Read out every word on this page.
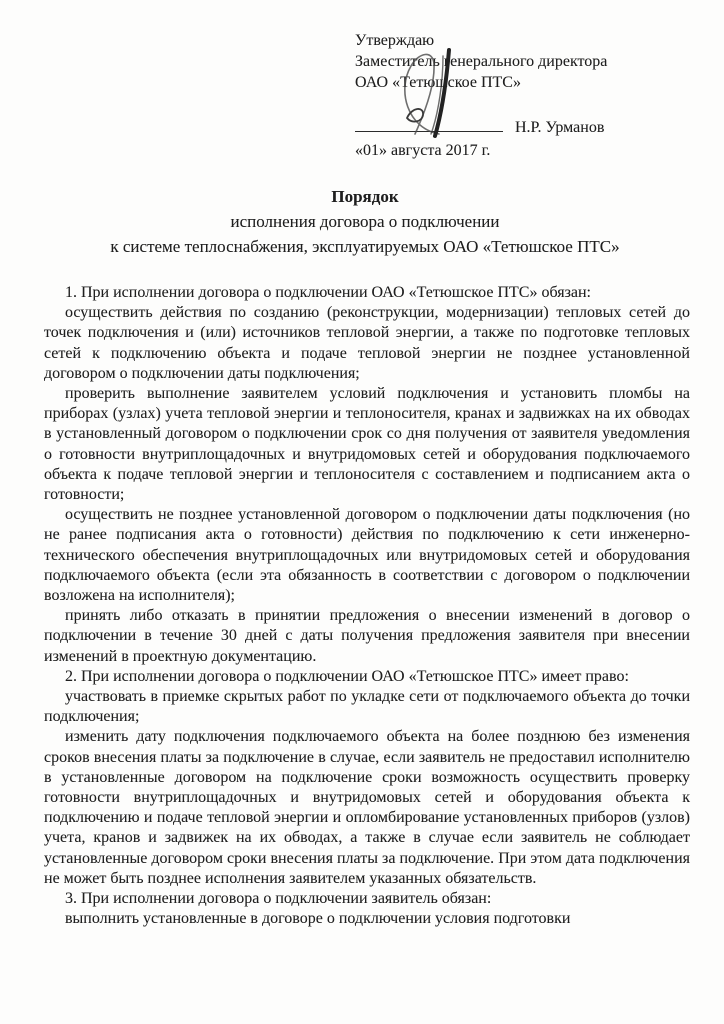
Утверждаю
Заместитель генерального директора
ОАО «Тетюшское ПТС»
Н.Р. Урманов
«01» августа 2017 г.
Порядок
исполнения договора о подключении
к системе теплоснабжения, эксплуатируемых ОАО «Тетюшское ПТС»

1. При исполнении договора о подключении ОАО «Тетюшское ПТС» обязан:

осуществить действия по созданию (реконструкции, модернизации) тепловых сетей до точек подключения и (или) источников тепловой энергии, а также по подготовке тепловых сетей к подключению объекта и подаче тепловой энергии не позднее установленной договором о подключении даты подключения;

проверить выполнение заявителем условий подключения и установить пломбы на приборах (узлах) учета тепловой энергии и теплоносителя, кранах и задвижках на их обводах в установленный договором о подключении срок со дня получения от заявителя уведомления о готовности внутриплощадочных и внутридомовых сетей и оборудования подключаемого объекта к подаче тепловой энергии и теплоносителя с составлением и подписанием акта о готовности;

осуществить не позднее установленной договором о подключении даты подключения (но не ранее подписания акта о готовности) действия по подключению к сети инженерно-технического обеспечения внутриплощадочных или внутридомовых сетей и оборудования подключаемого объекта (если эта обязанность в соответствии с договором о подключении возложена на исполнителя);

принять либо отказать в принятии предложения о внесении изменений в договор о подключении в течение 30 дней с даты получения предложения заявителя при внесении изменений в проектную документацию.

2. При исполнении договора о подключении ОАО «Тетюшское ПТС» имеет право:

участвовать в приемке скрытых работ по укладке сети от подключаемого объекта до точки подключения;

изменить дату подключения подключаемого объекта на более позднюю без изменения сроков внесения платы за подключение в случае, если заявитель не предоставил исполнителю в установленные договором на подключение сроки возможность осуществить проверку готовности внутриплощадочных и внутридомовых сетей и оборудования объекта к подключению и подаче тепловой энергии и опломбирование установленных приборов (узлов) учета, кранов и задвижек на их обводах, а также в случае если заявитель не соблюдает установленные договором сроки внесения платы за подключение. При этом дата подключения не может быть позднее исполнения заявителем указанных обязательств.

3. При исполнении договора о подключении заявитель обязан:

выполнить установленные в договоре о подключении условия подготовки
